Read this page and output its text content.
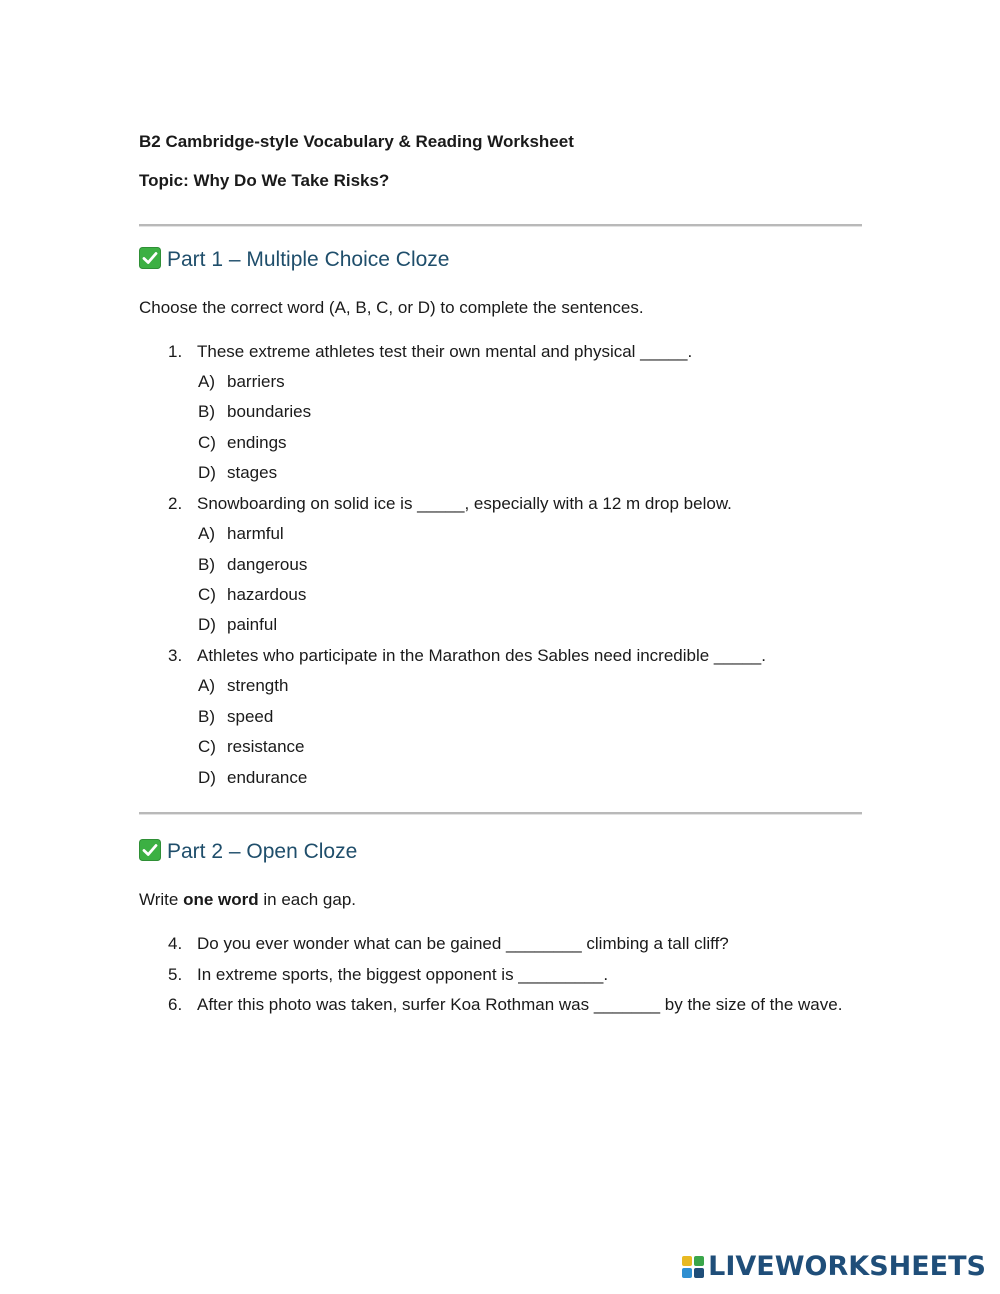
B2 Cambridge-style Vocabulary & Reading Worksheet
Topic: Why Do We Take Risks?
Part 1 – Multiple Choice Cloze
Choose the correct word (A, B, C, or D) to complete the sentences.
1. These extreme athletes test their own mental and physical _____.
A) barriers
B) boundaries
C) endings
D) stages
2. Snowboarding on solid ice is _____, especially with a 12 m drop below.
A) harmful
B) dangerous
C) hazardous
D) painful
3. Athletes who participate in the Marathon des Sables need incredible _____.
A) strength
B) speed
C) resistance
D) endurance
Part 2 – Open Cloze
Write one word in each gap.
4. Do you ever wonder what can be gained ________ climbing a tall cliff?
5. In extreme sports, the biggest opponent is _________.
6. After this photo was taken, surfer Koa Rothman was _______ by the size of the wave.
LIVEWORKSHEETS
